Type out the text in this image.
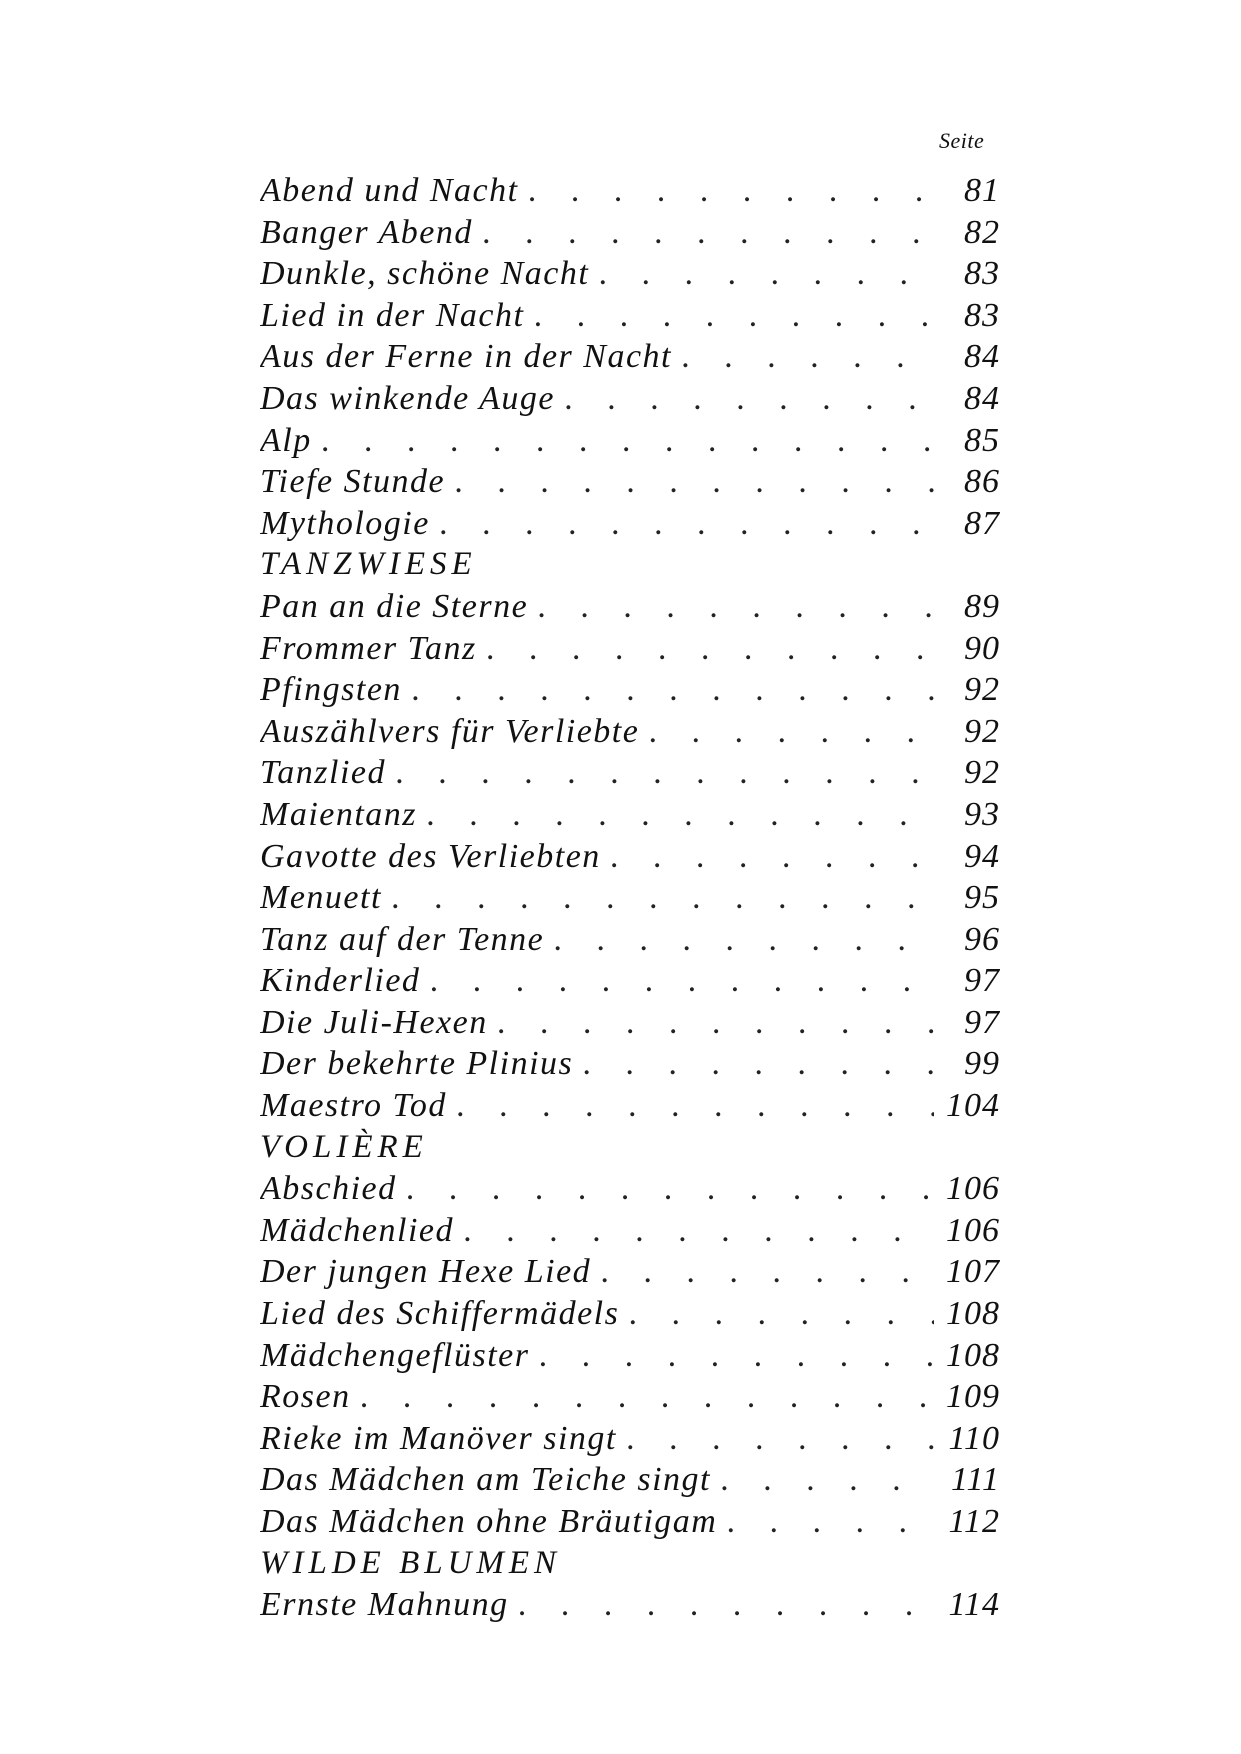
Seite
Abend und Nacht . . .	81
Banger Abend . . .	82
Dunkle, schöne Nacht . . .	83
Lied in der Nacht . . .	83
Aus der Ferne in der Nacht . . .	84
Das winkende Auge . . .	84
Alp . . .	85
Tiefe Stunde . . .	86
Mythologie . . .	87
TANZWIESE
Pan an die Sterne . . .	89
Frommer Tanz . . .	90
Pfingsten . . .	92
Auszählvers für Verliebte . . .	92
Tanzlied . . .	92
Maientanz . . .	93
Gavotte des Verliebten . . .	94
Menuett . . .	95
Tanz auf der Tenne . . .	96
Kinderlied . . .	97
Die Juli-Hexen . . .	97
Der bekehrte Plinius . . .	99
Maestro Tod . . .	104
VOLIÈRE
Abschied . . .	106
Mädchenlied . . .	106
Der jungen Hexe Lied . . .	107
Lied des Schiffermädels . . .	108
Mädchengeflüster . . .	108
Rosen . . .	109
Rieke im Manöver singt . . .	110
Das Mädchen am Teiche singt . . .	111
Das Mädchen ohne Bräutigam . . .	112
WILDE BLUMEN
Ernste Mahnung . . .	114
